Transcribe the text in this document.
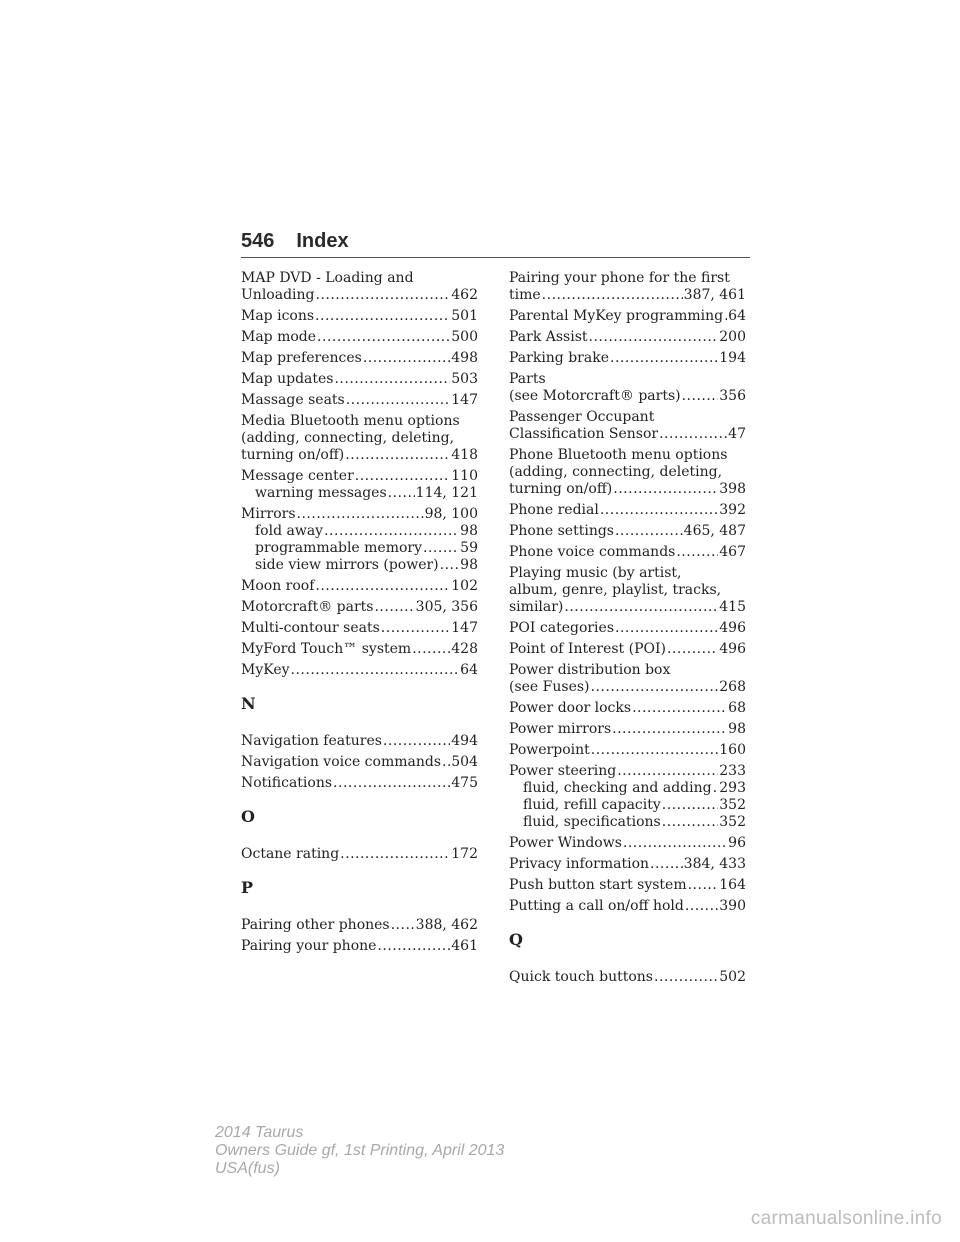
546 Index
MAP DVD - Loading and
Unloading .....	462
Map icons .....	501
Map mode .....	500
Map preferences .....	498
Map updates .....	503
Massage seats .....	147
Media Bluetooth menu options
(adding, connecting, deleting,
turning on/off) .....	418
Message center .....	110
warning messages ..... 114, 121
Mirrors .....	98, 100
fold away .....	98
programmable memory .....	59
side view mirrors (power) ..... 98
Moon roof .....	102
Motorcraft® parts .....	305, 356
Multi-contour seats .....	147
MyFord Touch™ system .....	428
MyKey .....	64
N
Navigation features .....	494
Navigation voice commands ..... 504
Notifications .....	475
O
Octane rating .....	172
P
Pairing other phones ..... 388, 462
Pairing your phone .....	461
Pairing your phone for the first
time .....	387, 461
Parental MyKey programming ..... 64
Park Assist .....	200
Parking brake .....	194
Parts
(see Motorcraft® parts) .....	356
Passenger Occupant
Classification Sensor .....	47
Phone Bluetooth menu options
(adding, connecting, deleting,
turning on/off) .....	398
Phone redial .....	392
Phone settings .....	465, 487
Phone voice commands .....	467
Playing music (by artist,
album, genre, playlist, tracks,
similar) .....	415
POI categories .....	496
Point of Interest (POI) .....	496
Power distribution box
(see Fuses) .....	268
Power door locks .....	68
Power mirrors .....	98
Powerpoint .....	160
Power steering .....	233
fluid, checking and adding ..... 293
fluid, refill capacity .....	352
fluid, specifications .....	352
Power Windows .....	96
Privacy information ..... 384, 433
Push button start system ..... 164
Putting a call on/off hold .....	390
Q
Quick touch buttons .....	502
2014 Taurus
Owners Guide gf, 1st Printing, April 2013
USA(fus)
carmanualsonline.info
